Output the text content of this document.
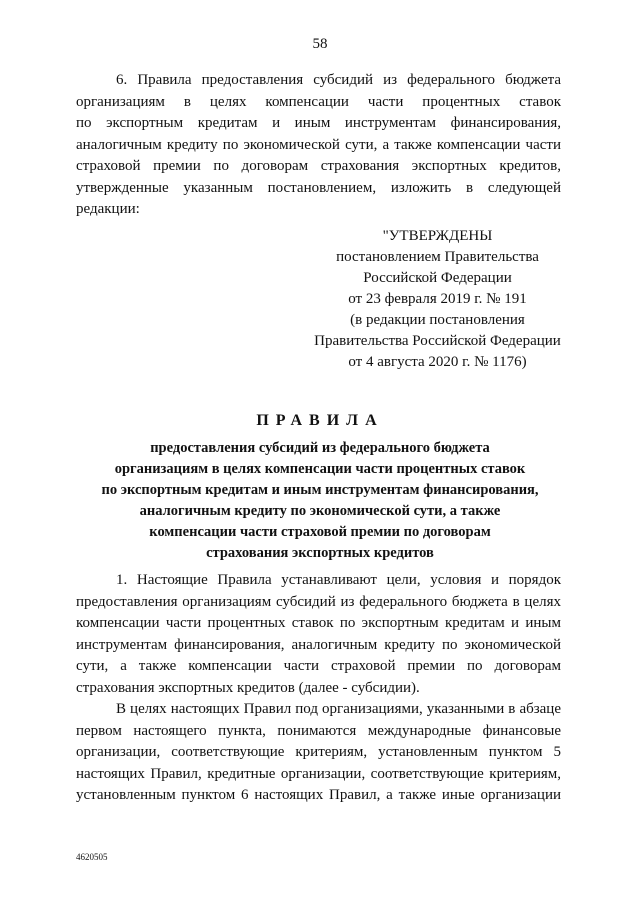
58
6. Правила предоставления субсидий из федерального бюджета
организациям в целях компенсации части процентных ставок
по экспортным кредитам и иным инструментам финансирования,
аналогичным кредиту по экономической сути, а также компенсации части
страховой премии по договорам страхования экспортных кредитов,
утвержденные указанным постановлением, изложить в следующей
редакции:
"УТВЕРЖДЕНЫ
постановлением Правительства
Российской Федерации
от 23 февраля 2019 г. № 191
(в редакции постановления
Правительства Российской Федерации
от 4 августа 2020 г. № 1176)
ПРАВИЛА
предоставления субсидий из федерального бюджета
организациям в целях компенсации части процентных ставок
по экспортным кредитам и иным инструментам финансирования,
аналогичным кредиту по экономической сути, а также
компенсации части страховой премии по договорам
страхования экспортных кредитов
1. Настоящие Правила устанавливают цели, условия и порядок
предоставления организациям субсидий из федерального бюджета в целях
компенсации части процентных ставок по экспортным кредитам и иным
инструментам финансирования, аналогичным кредиту по экономической
сути, а также компенсации части страховой премии по договорам
страхования экспортных кредитов (далее - субсидии).
В целях настоящих Правил под организациями, указанными в абзаце
первом настоящего пункта, понимаются международные финансовые
организации, соответствующие критериям, установленным пунктом 5
настоящих Правил, кредитные организации, соответствующие критериям,
установленным пунктом 6 настоящих Правил, а также иные организации
4620505
